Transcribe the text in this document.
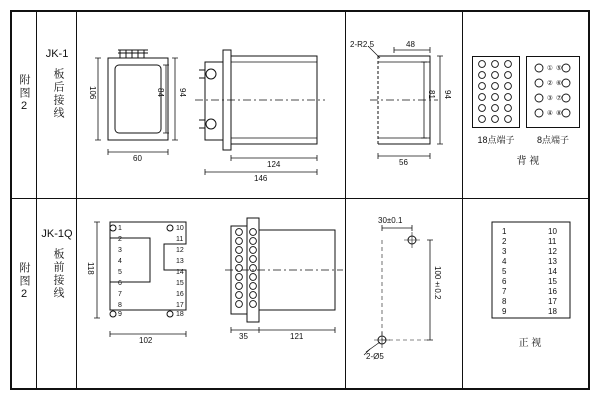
附图2
JK-1
板后接线	106	94
84
60
124
146
2-R2.5	48
81 94
56
①
②
③
④
⑤
⑥
⑦
⑧
18点端子	8点端子
背 视
附图2
JK-1Q
板前接线	118
102	35	121
30±0.1
100±0.2
2-Ø5
1
2
3
4
5
6
7
8
9
10
11
12
13
14
15
16
17
18
1
2
3
4
5
6
7
8
9
10
11
12
13
14
15
16
17
18
正 视
